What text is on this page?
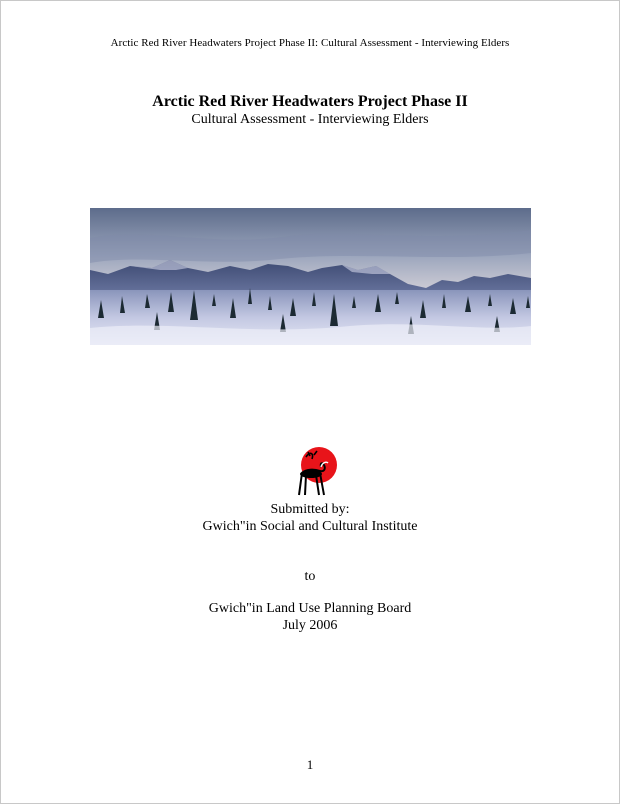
Arctic Red River Headwaters Project Phase II: Cultural Assessment - Interviewing Elders
Arctic Red River Headwaters Project Phase II
Cultural Assessment - Interviewing Elders
Submitted by:
Gwich"in Social and Cultural Institute
to
Gwich"in Land Use Planning Board
July 2006
1
